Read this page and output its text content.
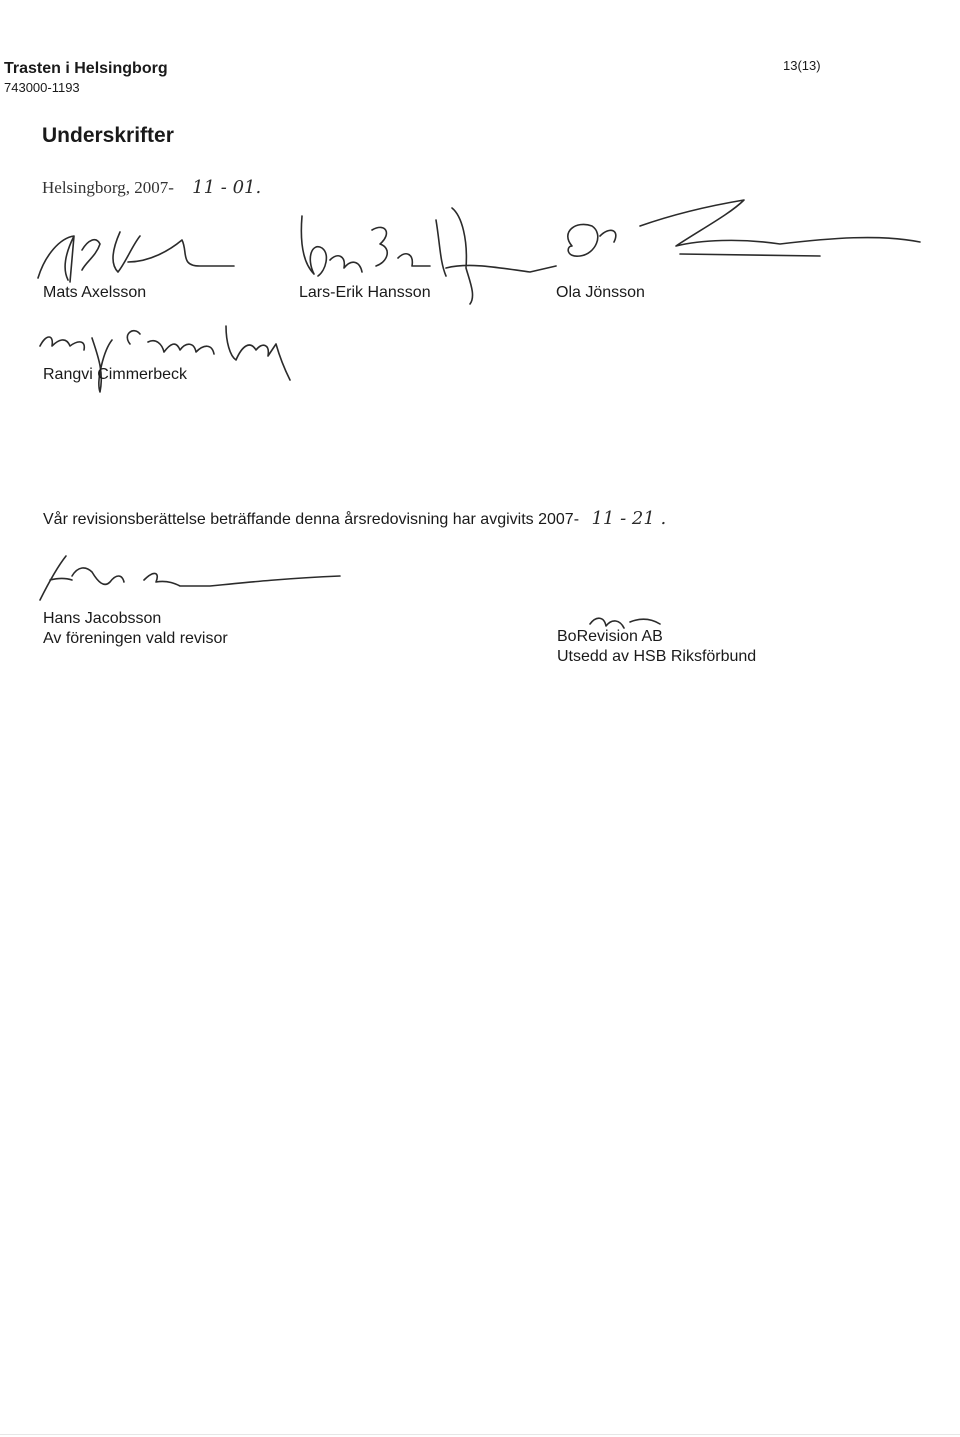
Trasten i Helsingborg
743000-1193
13(13)
Underskrifter
Helsingborg, 2007- 11 - 01.
Mats Axelsson	Lars-Erik Hansson	Ola Jönsson
Rangvi Cimmerbeck
Vår revisionsberättelse beträffande denna årsredovisning har avgivits 2007- 11 - 21 .
Hans Jacobsson
Av föreningen vald revisor	BoRevision AB
Utsedd av HSB Riksförbund
